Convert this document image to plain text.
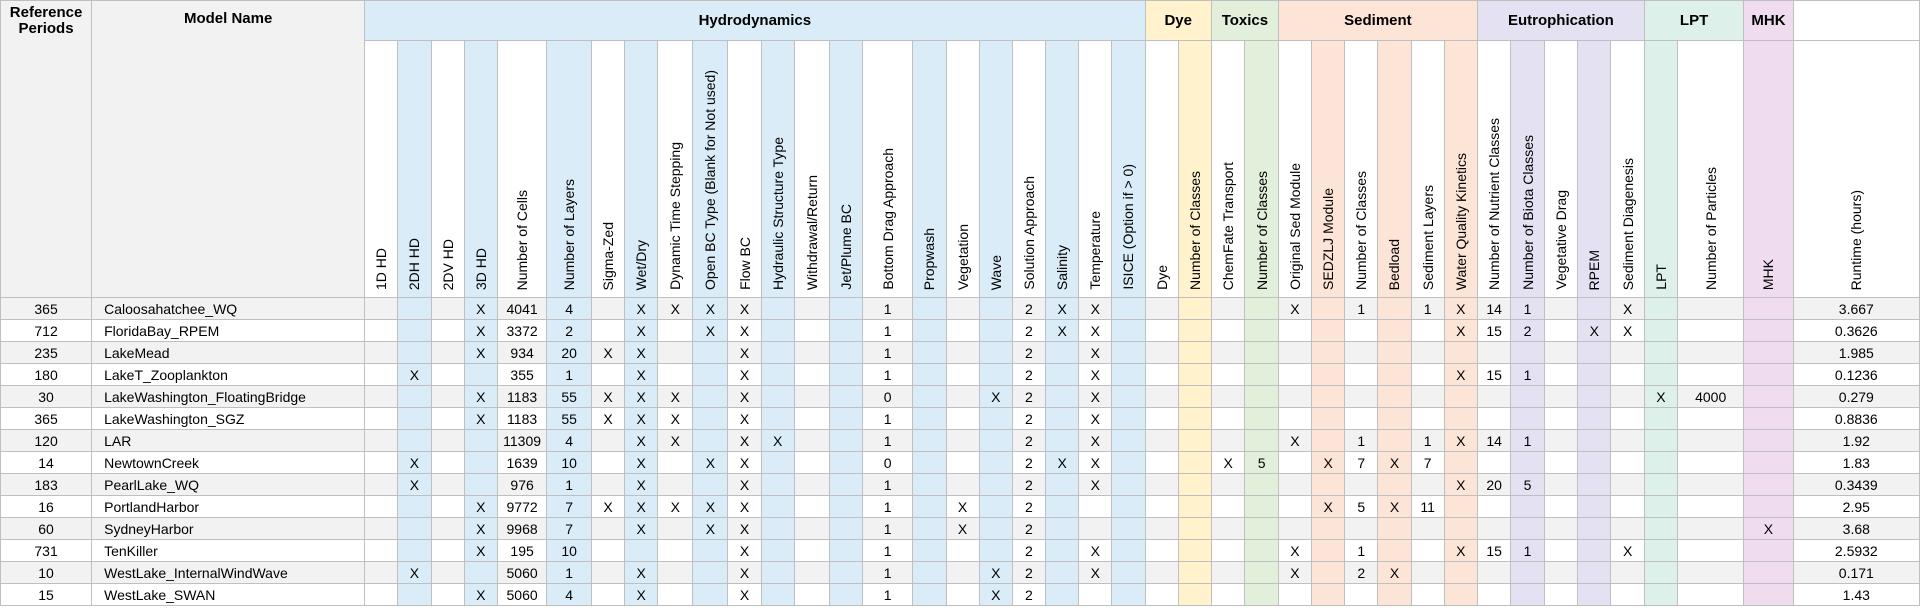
Reference Periods	Model Name	Hydrodynamics																						Dye		Toxics		Sediment						Eutrophication					LPT		MHK	
		1D HD	2DH HD	2DV HD	3D HD	Number of Cells	Number of Layers	Sigma-Zed	Wet/Dry	Dynamic Time Stepping	Open BC Type (Blank for Not used)	Flow BC	Hydraulic Structure Type	Withdrawal/Return	Jet/Plume BC	Bottom Drag Approach	Propwash	Vegetation	Wave	Solution Approach	Salinity	Temperature	ISICE (Option if > 0)	Dye	Number of Classes	ChemFate Transport	Number of Classes	Original Sed Module	SEDZLJ Module	Number of Classes	Bedload	Sediment Layers	Water Quality Kinetics	Number of Nutrient Classes	Number of Biota Classes	Vegetative Drag	RPEM	Sediment Diagenesis	LPT	Number of Particles	MHK	Runtime (hours)
365	Caloosahatchee_WQ				X	4041	4		X	X	X	X				1				2	X	X						X		1		1	X	14	1			X				3.667
712	FloridaBay_RPEM				X	3372	2		X		X	X				1				2	X	X											X	15	2		X	X				0.3626
235	LakeMead				X	934	20	X	X			X				1				2		X																				1.985
180	LakeT_Zooplankton		X			355	1		X			X				1				2		X											X	15	1							0.1236
30	LakeWashington_FloatingBridge				X	1183	55	X	X	X		X				0			X	2		X																	X	4000		0.279
365	LakeWashington_SGZ				X	1183	55	X	X	X		X				1				2		X																				0.8836
120	LAR					11309	4		X	X		X	X			1				2		X						X		1		1	X	14	1							1.92
14	NewtownCreek		X			1639	10		X		X	X				0				2	X	X				X	5		X	7	X	7										1.83
183	PearlLake_WQ		X			976	1		X			X				1				2		X											X	20	5							0.3439
16	PortlandHarbor				X	9772	7	X	X	X	X	X				1		X		2									X	5	X	11										2.95
60	SydneyHarbor				X	9968	7		X		X	X				1		X		2																					X	3.68
731	TenKiller				X	195	10					X				1				2		X						X		1			X	15	1			X				2.5932
10	WestLake_InternalWindWave		X			5060	1		X			X				1			X	2		X						X		2	X											0.171
15	WestLake_SWAN				X	5060	4		X			X				1			X	2																						1.43
